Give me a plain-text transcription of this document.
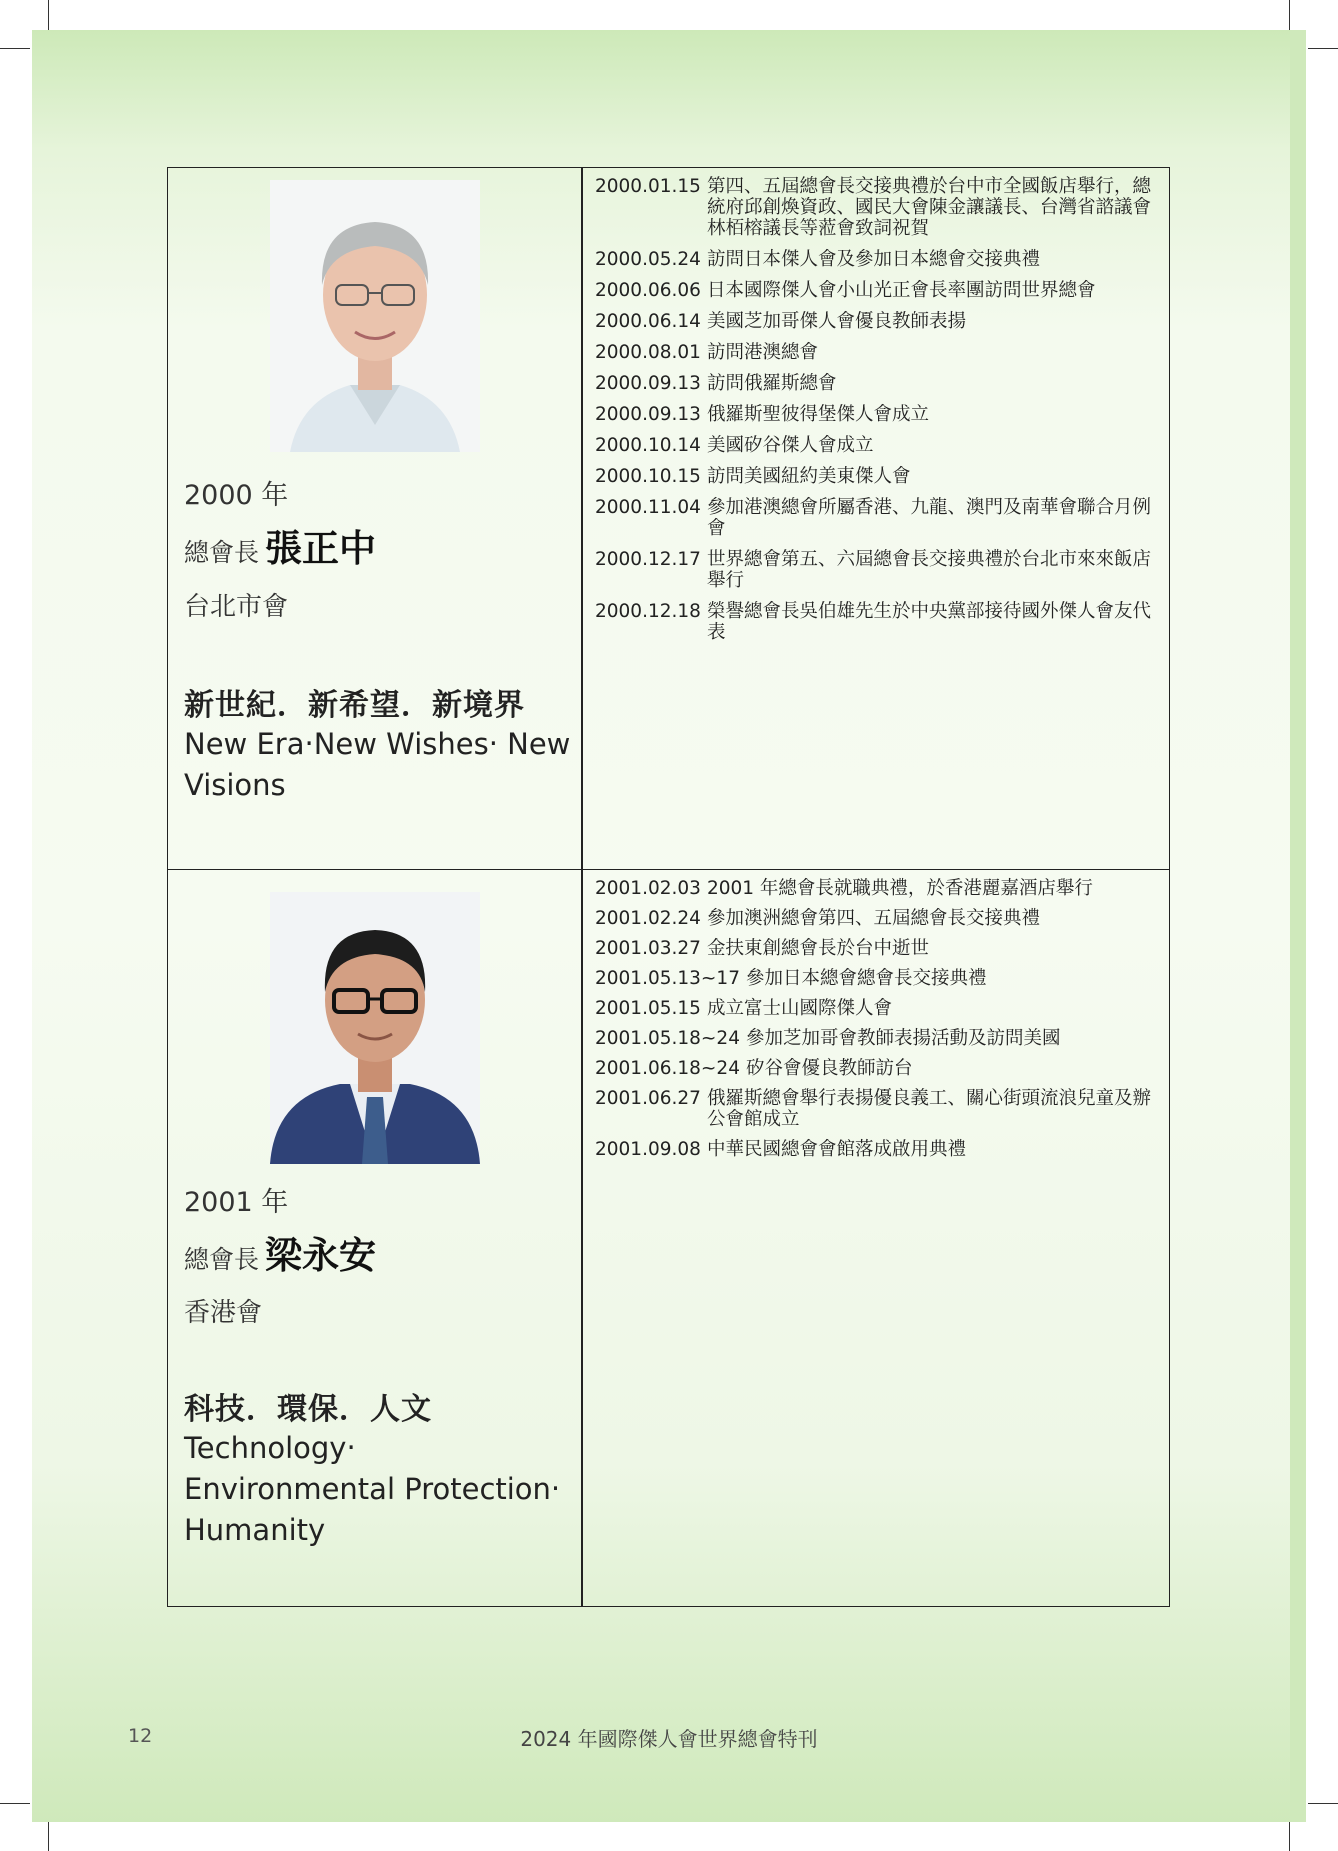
2000 年
總會長 張正中
台北市會
新世紀．新希望．新境界
New Era‧New Wishes‧ New Visions
2000.01.15 第四、五屆總會長交接典禮於台中市全國飯店舉行，總統府邱創煥資政、國民大會陳金讓議長、台灣省諮議會林栢榕議長等蒞會致詞祝賀
2000.05.24 訪問日本傑人會及參加日本總會交接典禮
2000.06.06 日本國際傑人會小山光正會長率團訪問世界總會
2000.06.14 美國芝加哥傑人會優良教師表揚
2000.08.01 訪問港澳總會
2000.09.13 訪問俄羅斯總會
2000.09.13 俄羅斯聖彼得堡傑人會成立
2000.10.14 美國矽谷傑人會成立
2000.10.15 訪問美國紐約美東傑人會
2000.11.04 參加港澳總會所屬香港、九龍、澳門及南華會聯合月例會
2000.12.17 世界總會第五、六屆總會長交接典禮於台北市來來飯店舉行
2000.12.18 榮譽總會長吳伯雄先生於中央黨部接待國外傑人會友代表
2001 年
總會長 梁永安
香港會
科技．環保．人文
Technology‧ Environmental Protection‧ Humanity
2001.02.03 2001 年總會長就職典禮，於香港麗嘉酒店舉行
2001.02.24 參加澳洲總會第四、五屆總會長交接典禮
2001.03.27 金扶東創總會長於台中逝世
2001.05.13~17 參加日本總會總會長交接典禮
2001.05.15 成立富士山國際傑人會
2001.05.18~24 參加芝加哥會教師表揚活動及訪問美國
2001.06.18~24 矽谷會優良教師訪台
2001.06.27 俄羅斯總會舉行表揚優良義工、關心街頭流浪兒童及辦公會館成立
2001.09.08 中華民國總會會館落成啟用典禮
12	2024 年國際傑人會世界總會特刊
